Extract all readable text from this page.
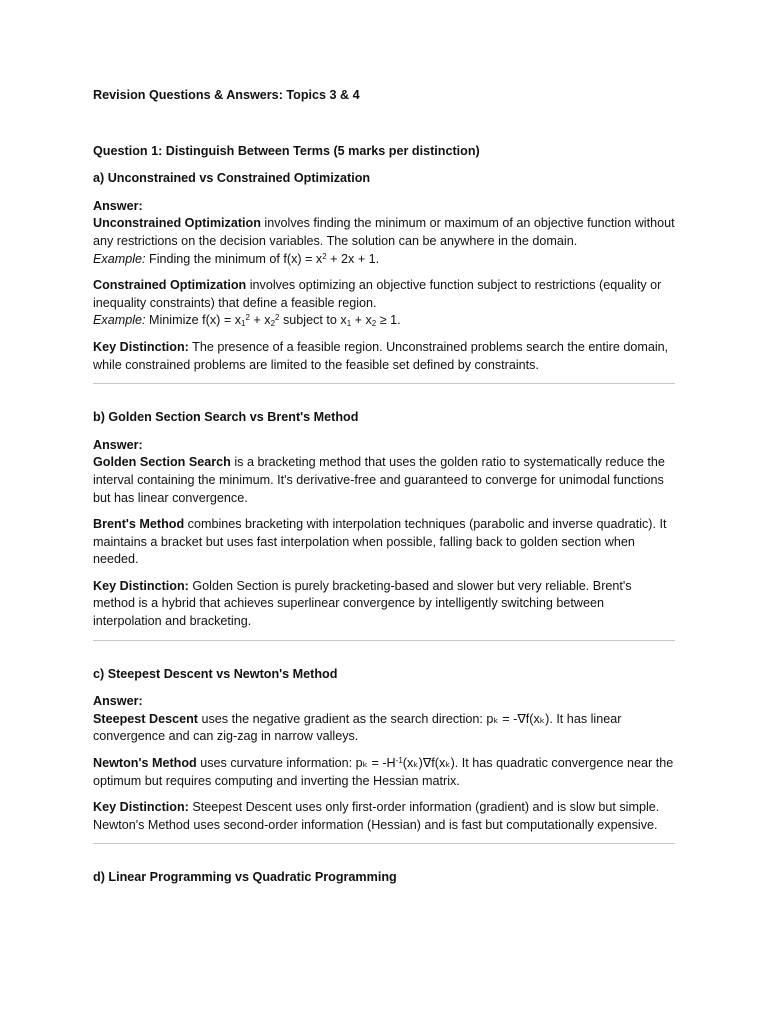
Revision Questions & Answers: Topics 3 & 4

Question 1: Distinguish Between Terms (5 marks per distinction)

a) Unconstrained vs Constrained Optimization

Answer:

Unconstrained Optimization involves finding the minimum or maximum of an objective function without any restrictions on the decision variables. The solution can be anywhere in the domain.
Example: Finding the minimum of $f(x) = x^2 + 2x + 1$.

Constrained Optimization involves optimizing an objective function subject to restrictions (equality or inequality constraints) that define a feasible region.
Example: Minimize $f(x) = x_1^2 + x_2^2$ subject to $x_1 + x_2 \ge 1$.

Key Distinction: The presence of a feasible region. Unconstrained problems search the entire domain, while constrained problems are limited to the feasible set defined by constraints.

b) Golden Section Search vs Brent's Method

Answer:

Golden Section Search is a bracketing method that uses the golden ratio to systematically reduce the interval containing the minimum. It's derivative-free and guaranteed to converge for unimodal functions but has linear convergence.

Brent's Method combines bracketing with interpolation techniques (parabolic and inverse quadratic). It maintains a bracket but uses fast interpolation when possible, falling back to golden section when needed.

Key Distinction: Golden Section is purely bracketing-based and slower but very reliable. Brent's method is a hybrid that achieves superlinear convergence by intelligently switching between interpolation and bracketing.

c) Steepest Descent vs Newton's Method

Answer:

Steepest Descent uses the negative gradient as the search direction: pₖ = -∇f(xₖ). It has linear convergence and can zig-zag in narrow valleys.

Newton's Method uses curvature information: $p_k = -H^{-1}(x_k)\nabla f(x_k)$. It has quadratic convergence near the optimum but requires computing and inverting the Hessian matrix.

Key Distinction: Steepest Descent uses only first-order information (gradient) and is slow but simple. Newton's Method uses second-order information (Hessian) and is fast but computationally expensive.

d) Linear Programming vs Quadratic Programming
